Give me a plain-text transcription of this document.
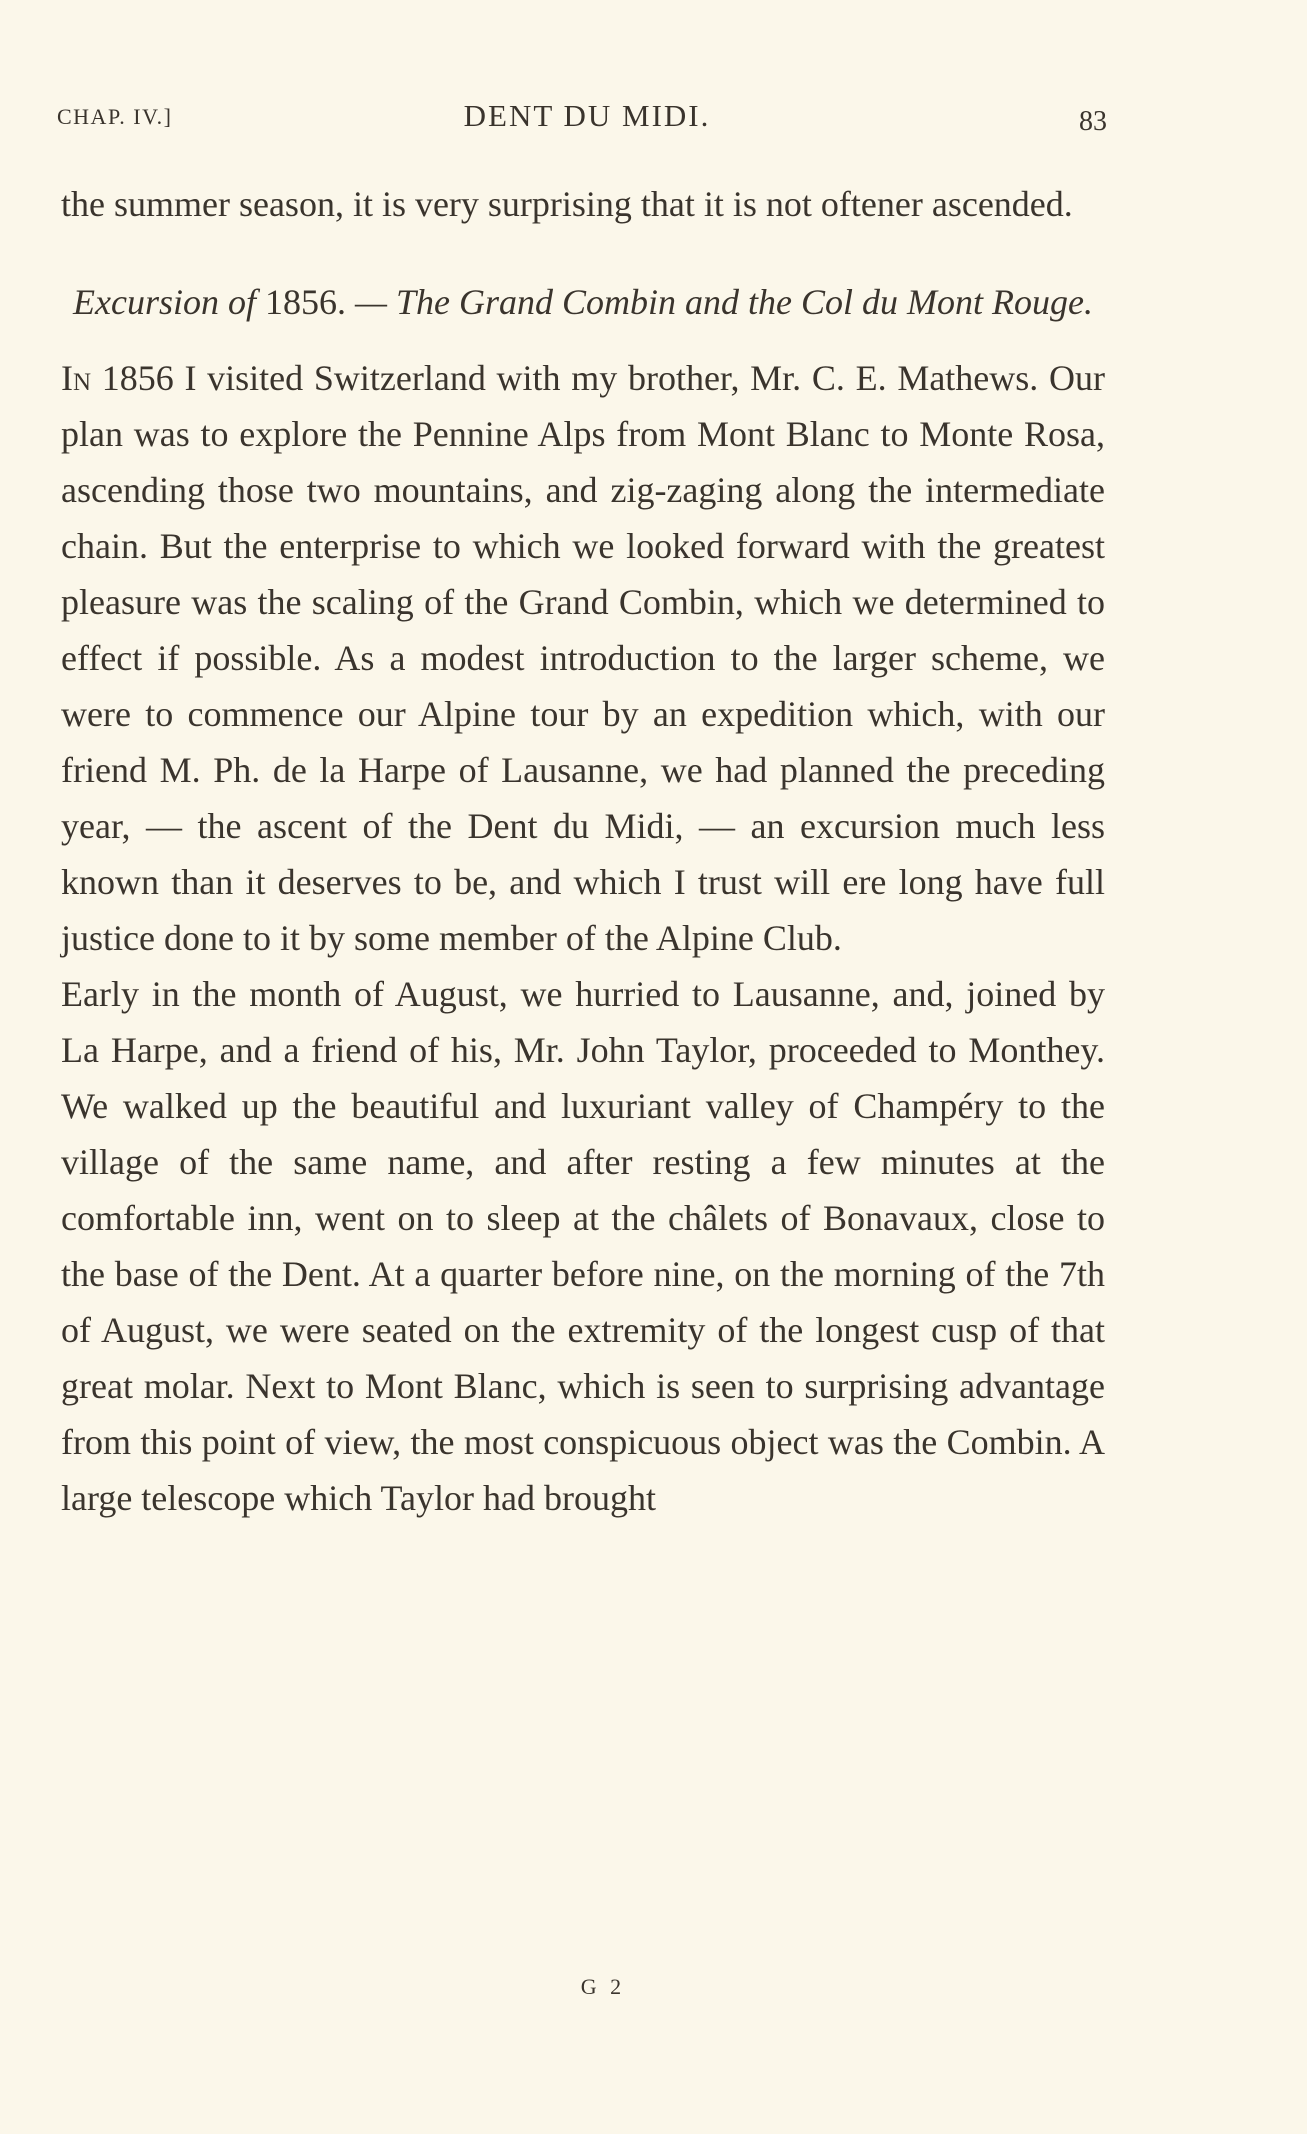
CHAP. IV.]	DENT DU MIDI.	83

the summer season, it is very surprising that it is not oftener ascended.

Excursion of 1856. — The Grand Combin and the Col du Mont Rouge.

In 1856 I visited Switzerland with my brother, Mr. C. E. Mathews. Our plan was to explore the Pennine Alps from Mont Blanc to Monte Rosa, ascending those two mountains, and zig-zaging along the intermediate chain. But the enterprise to which we looked forward with the greatest pleasure was the scaling of the Grand Combin, which we determined to effect if possible. As a modest introduction to the larger scheme, we were to commence our Alpine tour by an expedition which, with our friend M. Ph. de la Harpe of Lausanne, we had planned the preceding year, — the ascent of the Dent du Midi, — an excursion much less known than it deserves to be, and which I trust will ere long have full justice done to it by some member of the Alpine Club.

Early in the month of August, we hurried to Lausanne, and, joined by La Harpe, and a friend of his, Mr. John Taylor, proceeded to Monthey. We walked up the beautiful and luxuriant valley of Champéry to the village of the same name, and after resting a few minutes at the comfortable inn, went on to sleep at the châlets of Bonavaux, close to the base of the Dent. At a quarter before nine, on the morning of the 7th of August, we were seated on the extremity of the longest cusp of that great molar. Next to Mont Blanc, which is seen to surprising advantage from this point of view, the most conspicuous object was the Combin. A large telescope which Taylor had brought

G 2
